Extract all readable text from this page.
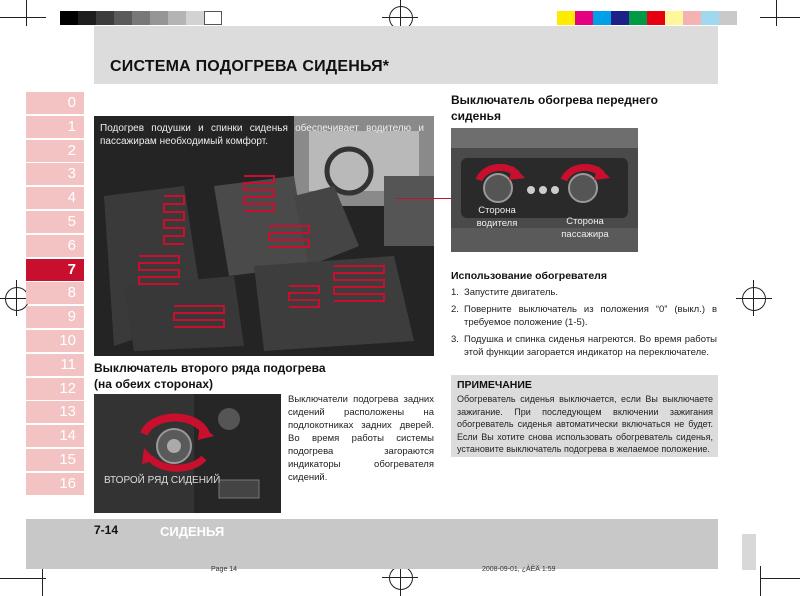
СИСТЕМА ПОДОГРЕВА СИДЕНЬЯ*
0
1
2
3
4
5
6
7
8
9
10
11
12
13
14
15
16
Подогрев подушки и спинки сиденья обеспечивает водителю и пассажирам необходимый комфорт.
Выключатель второго ряда подогрева (на обеих сторонах)
ВТОРОЙ РЯД СИДЕНИЙ
Выключатели подогрева задних сидений расположены на подлокотниках задних дверей. Во время работы системы подогрева загораются индикаторы обогревателя сидений.
Выключатель обогрева переднего сиденья
Сторона водителя	Сторона пассажира
Использование обогревателя
1. Запустите двигатель.
2. Поверните выключатель из положения “0” (выкл.) в требуемое положение (1-5).
3. Подушка и спинка сиденья нагреются. Во время работы этой функции загорается индикатор на переключателе.
ПРИМЕЧАНИЕ
Обогреватель сиденья выключается, если Вы выключаете зажигание. При последующем включении зажигания обогреватель сиденья автоматически включаться не будет. Если Вы хотите снова использовать обогреватель сиденья, установите выключатель подогрева в желаемое положение.
7-14	СИДЕНЬЯ
Page 14	2008-09-01, ¿ÀÈÄ 1:59
